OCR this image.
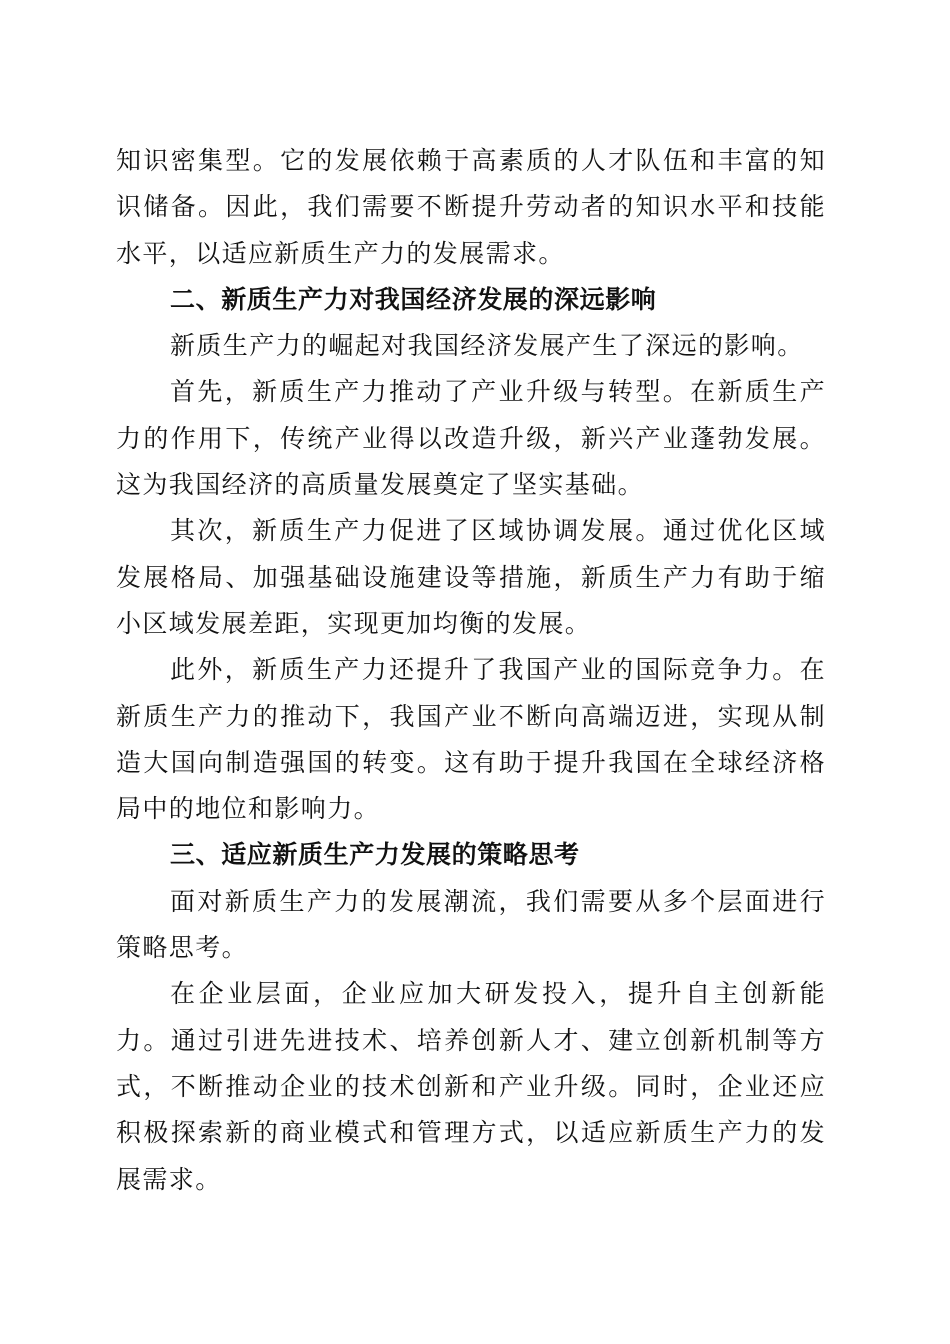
知识密集型。它的发展依赖于高素质的人才队伍和丰富的知识储备。因此，我们需要不断提升劳动者的知识水平和技能水平，以适应新质生产力的发展需求。

二、新质生产力对我国经济发展的深远影响

新质生产力的崛起对我国经济发展产生了深远的影响。

首先，新质生产力推动了产业升级与转型。在新质生产力的作用下，传统产业得以改造升级，新兴产业蓬勃发展。这为我国经济的高质量发展奠定了坚实基础。

其次，新质生产力促进了区域协调发展。通过优化区域发展格局、加强基础设施建设等措施，新质生产力有助于缩小区域发展差距，实现更加均衡的发展。

此外，新质生产力还提升了我国产业的国际竞争力。在新质生产力的推动下，我国产业不断向高端迈进，实现从制造大国向制造强国的转变。这有助于提升我国在全球经济格局中的地位和影响力。

三、适应新质生产力发展的策略思考

面对新质生产力的发展潮流，我们需要从多个层面进行策略思考。

在企业层面，企业应加大研发投入，提升自主创新能力。通过引进先进技术、培养创新人才、建立创新机制等方式，不断推动企业的技术创新和产业升级。同时，企业还应积极探索新的商业模式和管理方式，以适应新质生产力的发展需求。
